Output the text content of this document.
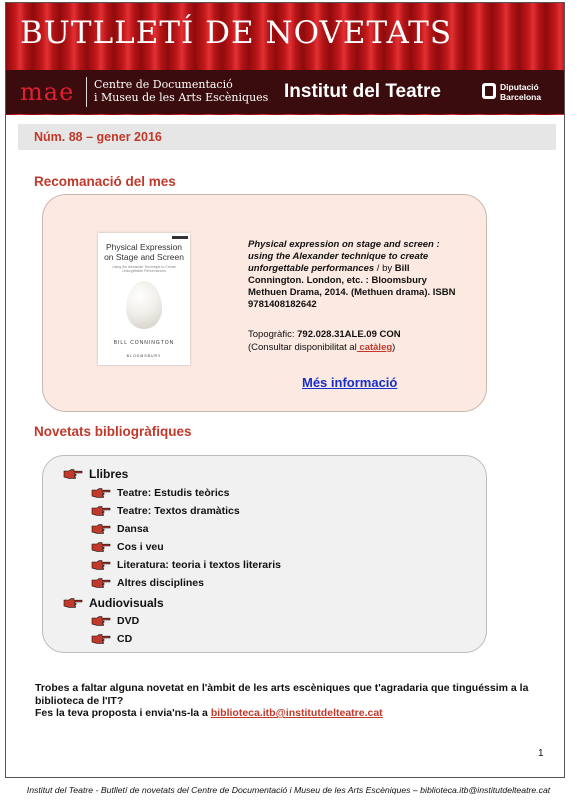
BUTLLETÍ DE NOVETATS
mae Centre de Documentació
i Museu de les Arts Escèniques Institut del Teatre	Diputació
Barcelona
Núm. 88 – gener 2016
Recomanació del mes
Physical Expression
on Stage and Screen
Using the Alexander Technique to Create Unforgettable Performances
BILL CONNINGTON
BLOOMSBURY
Physical expression on stage and screen : using the Alexander technique to create unforgettable performances / by Bill Connington. London, etc. : Bloomsbury Methuen Drama, 2014. (Methuen drama). ISBN 9781408182642
Topogràfic: 792.028.31ALE.09 CON
(Consultar disponibilitat al catàleg)
Més informació
Novetats bibliogràfiques
Llibres
Teatre: Estudis teòrics
Teatre: Textos dramàtics
Dansa
Cos i veu
Literatura: teoria i textos literaris
Altres disciplines
Audiovisuals
DVD
CD
Trobes a faltar alguna novetat en l'àmbit de les arts escèniques que t'agradaria que tinguéssim a la biblioteca de l'IT?
Fes la teva proposta i envia'ns-la a biblioteca.itb@institutdelteatre.cat
1
Institut del Teatre - Butlletí de novetats del Centre de Documentació i Museu de les Arts Escèniques – biblioteca.itb@institutdelteatre.cat
